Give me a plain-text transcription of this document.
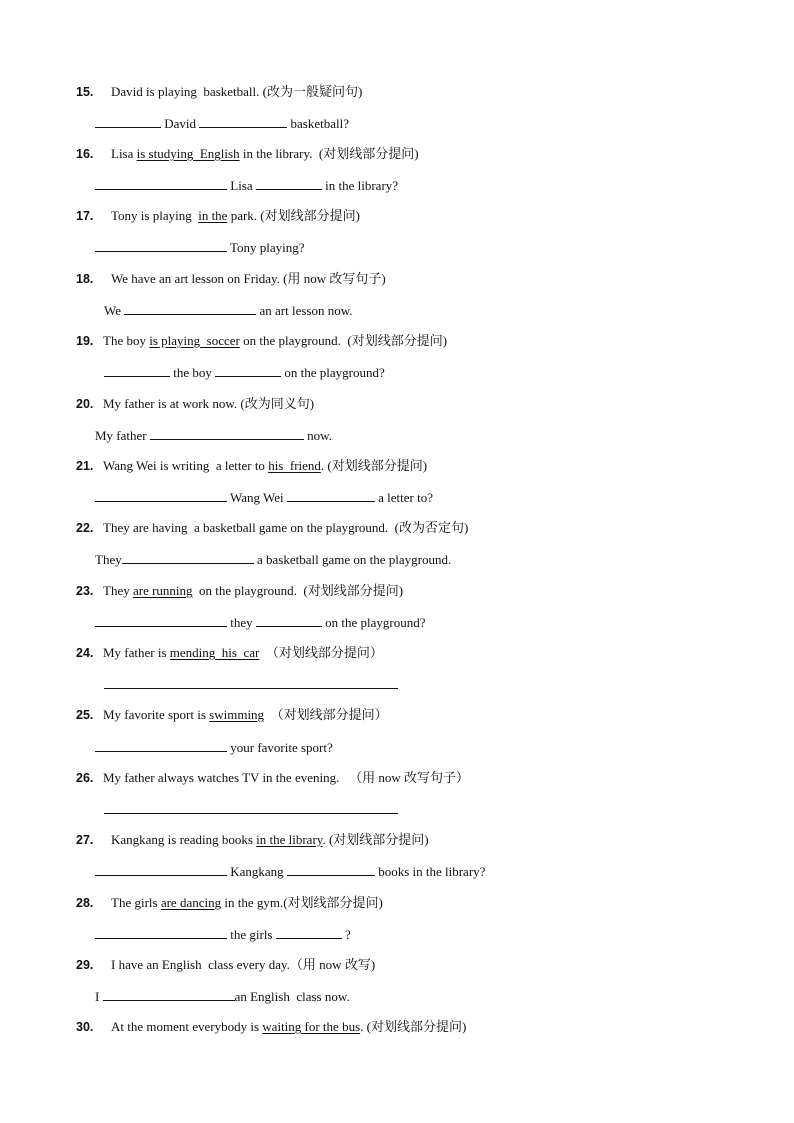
15. David is playing  basketball. (改为一般疑问句)
David	basketball?
16. Lisa is studying  English in the library.  (对划线部分提问)
Lisa	in the library?
17. Tony is playing  in the park. (对划线部分提问)
Tony playing?
18. We have an art lesson on Friday. (用 now 改写句子)
We	an art lesson now.
19. The boy is playing  soccer on the playground.  (对划线部分提问)
the boy	on the playground?
20. My father is at work now. (改为同义句)
My father	now.
21. Wang Wei is writing  a letter to his  friend. (对划线部分提问)
Wang Wei	a letter to?
22. They are having  a basketball game on the playground.  (改为否定句)
They	a basketball game on the playground.
23. They are running  on the playground.  (对划线部分提问)
they	on the playground?
24. My father is mending  his  car  （对划线部分提问）
25. My favorite sport is swimming  （对划线部分提问）
your favorite sport?
26. My father always watches TV in the evening.   （用 now 改写句子）
27. Kangkang is reading books in the library. (对划线部分提问)
Kangkang	books in the library?
28. The girls are dancing in the gym.(对划线部分提问)
the girls	?
29. I have an English  class every day.（用 now 改写)
I	an English  class now.
30. At the moment everybody is waiting for the bus. (对划线部分提问)
